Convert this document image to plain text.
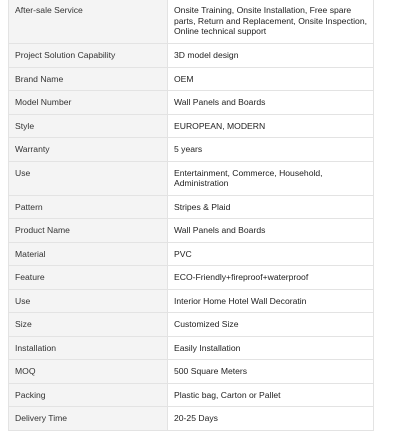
After-sale Service	Onsite Training, Onsite Installation, Free spare parts, Return and Replacement, Onsite Inspection, Online technical support
Project Solution Capability	3D model design
Brand Name	OEM
Model Number	Wall Panels and Boards
Style	EUROPEAN, MODERN
Warranty	5 years
Use	Entertainment, Commerce, Household, Administration
Pattern	Stripes & Plaid
Product Name	Wall Panels and Boards
Material	PVC
Feature	ECO-Friendly+fireproof+waterproof
Use	Interior Home Hotel Wall Decoratin
Size	Customized Size
Installation	Easily Installation
MOQ	500 Square Meters
Packing	Plastic bag, Carton or Pallet
Delivery Time	20-25 Days
